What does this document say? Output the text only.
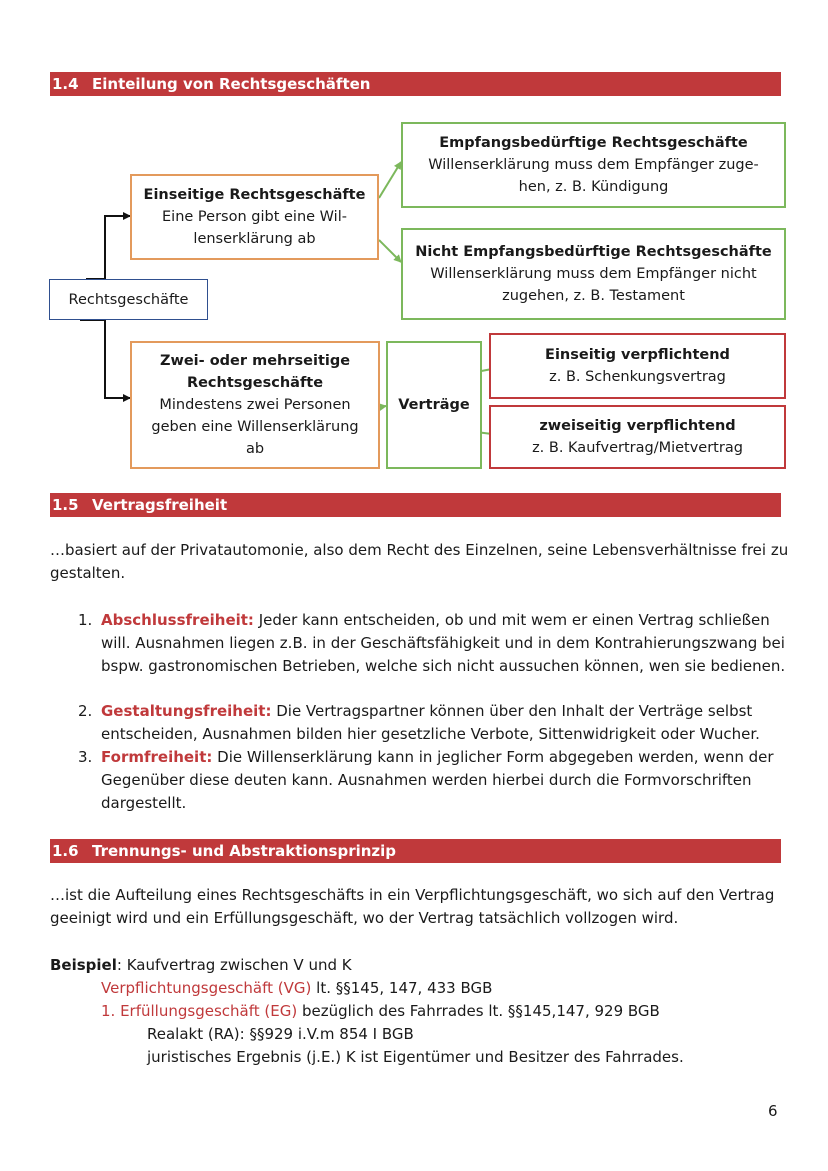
1.4 Einteilung von Rechtsgeschäften
Rechtsgeschäfte
Einseitige Rechtsgeschäfte
Eine Person gibt eine Wil-
lenserklärung ab
Empfangsbedürftige Rechtsgeschäfte
Willenserklärung muss dem Empfänger zuge-
hen, z. B. Kündigung
Nicht Empfangsbedürftige Rechtsgeschäfte
Willenserklärung muss dem Empfänger nicht
zugehen, z. B. Testament
Zwei- oder mehrseitige
Rechtsgeschäfte
Mindestens zwei Personen
geben eine Willenserklärung
ab
Verträge
Einseitig verpflichtend
z. B. Schenkungsvertrag
zweiseitig verpflichtend
z. B. Kaufvertrag/Mietvertrag
1.5 Vertragsfreiheit
…basiert auf der Privatautomonie, also dem Recht des Einzelnen, seine Lebensverhältnisse frei zu gestalten.
1. Abschlussfreiheit: Jeder kann entscheiden, ob und mit wem er einen Vertrag schließen will. Ausnahmen liegen z.B. in der Geschäftsfähigkeit und in dem Kontrahierungszwang bei bspw. gastronomischen Betrieben, welche sich nicht aussuchen können, wen sie bedienen.
2. Gestaltungsfreiheit: Die Vertragspartner können über den Inhalt der Verträge selbst entscheiden, Ausnahmen bilden hier gesetzliche Verbote, Sittenwidrigkeit oder Wucher.
3. Formfreiheit: Die Willenserklärung kann in jeglicher Form abgegeben werden, wenn der Gegenüber diese deuten kann. Ausnahmen werden hierbei durch die Formvorschriften dargestellt.
1.6 Trennungs- und Abstraktionsprinzip
…ist die Aufteilung eines Rechtsgeschäfts in ein Verpflichtungsgeschäft, wo sich auf den Vertrag geeinigt wird und ein Erfüllungsgeschäft, wo der Vertrag tatsächlich vollzogen wird.
Beispiel: Kaufvertrag zwischen V und K
Verpflichtungsgeschäft (VG) lt. §§145, 147, 433 BGB
1. Erfüllungsgeschäft (EG) bezüglich des Fahrrades lt. §§145,147, 929 BGB
Realakt (RA): §§929 i.V.m 854 I BGB
juristisches Ergebnis (j.E.) K ist Eigentümer und Besitzer des Fahrrades.
6
